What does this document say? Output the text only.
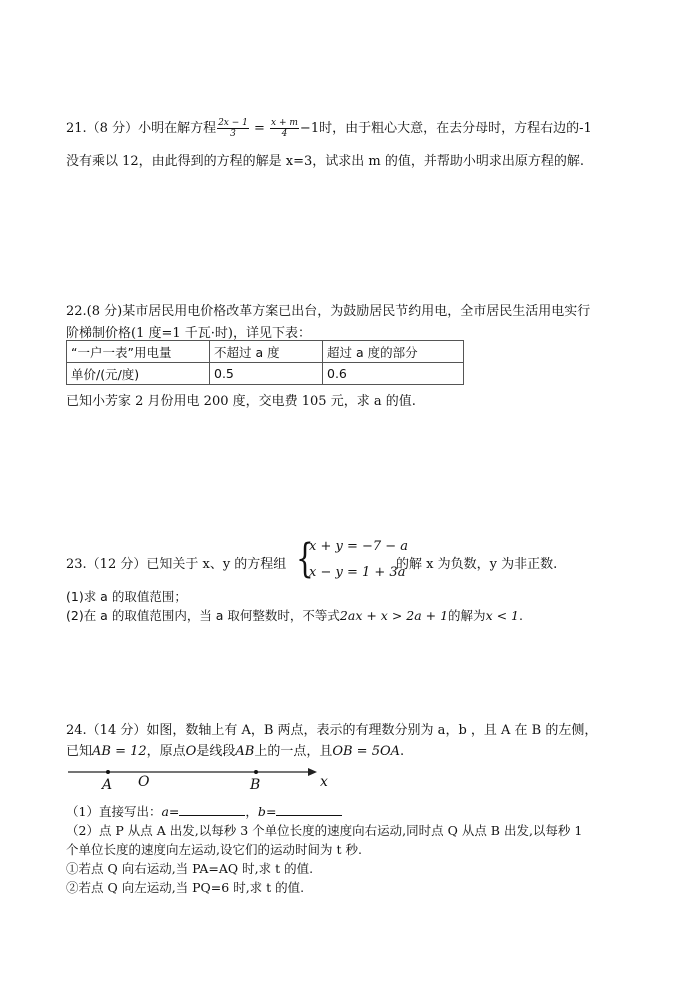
21.（8 分）小明在解方程 $\frac{2x - 1}{3} = \frac{x + m}{4} -1$时，由于粗心大意，在去分母时，方程右边的-1
没有乘以 12，由此得到的方程的解是 x=3，试求出 m 的值，并帮助小明求出原方程的解.
22.(8 分)某市居民用电价格改革方案已出台，为鼓励居民节约用电，全市居民生活用电实行
阶梯制价格(1 度=1 千瓦·时)，详见下表：
“一户一表”用电量	不超过 a 度	超过 a 度的部分
单价/(元/度)	0.5	0.6
已知小芳家 2 月份用电 200 度，交电费 105 元，求 a 的值.
23.（12 分）已知关于 x、y 的方程组 {
x + y = −7 − a
x − y = 1 + 3a
的解 x 为负数，y 为非正数.
(1)求 a 的取值范围；
(2)在 a 的取值范围内，当 a 取何整数时，不等式2ax + x > 2a + 1的解为x < 1.
24.（14 分）如图，数轴上有 A，B 两点，表示的有理数分别为 a，b ，且 A 在 B 的左侧，
已知AB = 12，原点O是线段AB上的一点，且OB = 5OA.
A O	B	x
（1）直接写出：a=	，b=
（2）点 P 从点 A 出发,以每秒 3 个单位长度的速度向右运动,同时点 Q 从点 B 出发,以每秒 1
个单位长度的速度向左运动,设它们的运动时间为 t 秒.
①若点 Q 向右运动,当 PA=AQ 时,求 t 的值.
②若点 Q 向左运动,当 PQ=6 时,求 t 的值.
